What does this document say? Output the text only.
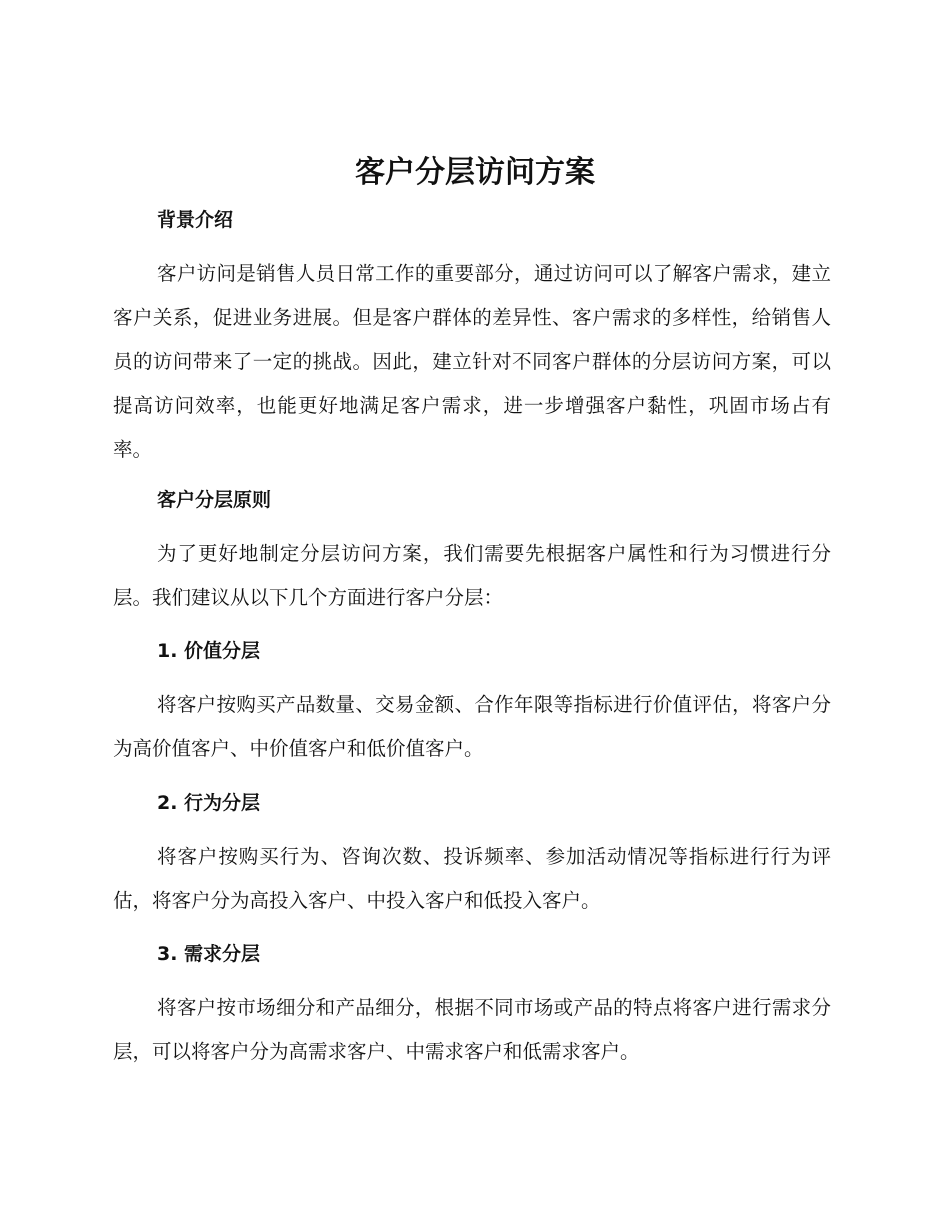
客户分层访问方案
背景介绍

客户访问是销售人员日常工作的重要部分，通过访问可以了解客户需求，建立客户关系，促进业务进展。但是客户群体的差异性、客户需求的多样性，给销售人员的访问带来了一定的挑战。因此，建立针对不同客户群体的分层访问方案，可以提高访问效率，也能更好地满足客户需求，进一步增强客户黏性，巩固市场占有率。

客户分层原则

为了更好地制定分层访问方案，我们需要先根据客户属性和行为习惯进行分层。我们建议从以下几个方面进行客户分层：

1. 价值分层

将客户按购买产品数量、交易金额、合作年限等指标进行价值评估，将客户分为高价值客户、中价值客户和低价值客户。

2. 行为分层

将客户按购买行为、咨询次数、投诉频率、参加活动情况等指标进行行为评估，将客户分为高投入客户、中投入客户和低投入客户。

3. 需求分层

将客户按市场细分和产品细分，根据不同市场或产品的特点将客户进行需求分层，可以将客户分为高需求客户、中需求客户和低需求客户。
